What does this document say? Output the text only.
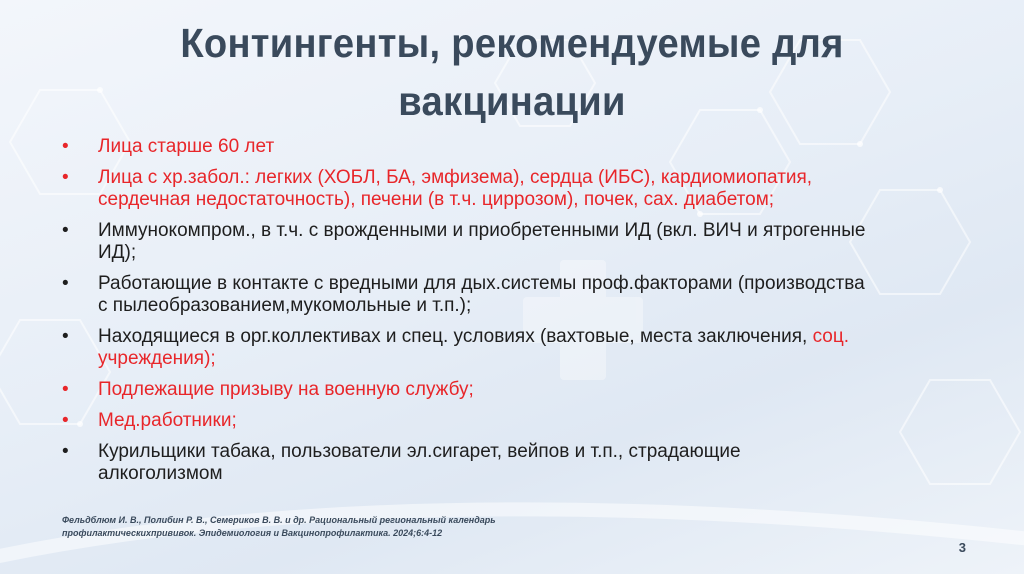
Контингенты, рекомендуемые для
вакцинации
• Лица старше 60 лет
• Лица с хр.забол.: легких (ХОБЛ, БА, эмфизема), сердца (ИБС), кардиомиопатия,
сердечная недостаточность), печени (в т.ч. циррозом), почек, сах. диабетом;
• Иммунокомпром., в т.ч. с врожденными и приобретенными ИД (вкл. ВИЧ и ятрогенные
ИД);
• Работающие в контакте с вредными для дых.системы проф.факторами (производства
с пылеобразованием,мукомольные и т.п.);
• Находящиеся в орг.коллективах и спец. условиях (вахтовые, места заключения, соц.
учреждения);
• Подлежащие призыву на военную службу;
• Мед.работники;
• Курильщики табака, пользователи эл.сигарет, вейпов и т.п., страдающие
алкоголизмом
Фельдблюм И. В., Полибин Р. В., Семериков В. В. и др. Рациональный региональный календарь
профилактическихпрививок. Эпидемиология и Вакцинопрофилактика. 2024;6:4-12
3
